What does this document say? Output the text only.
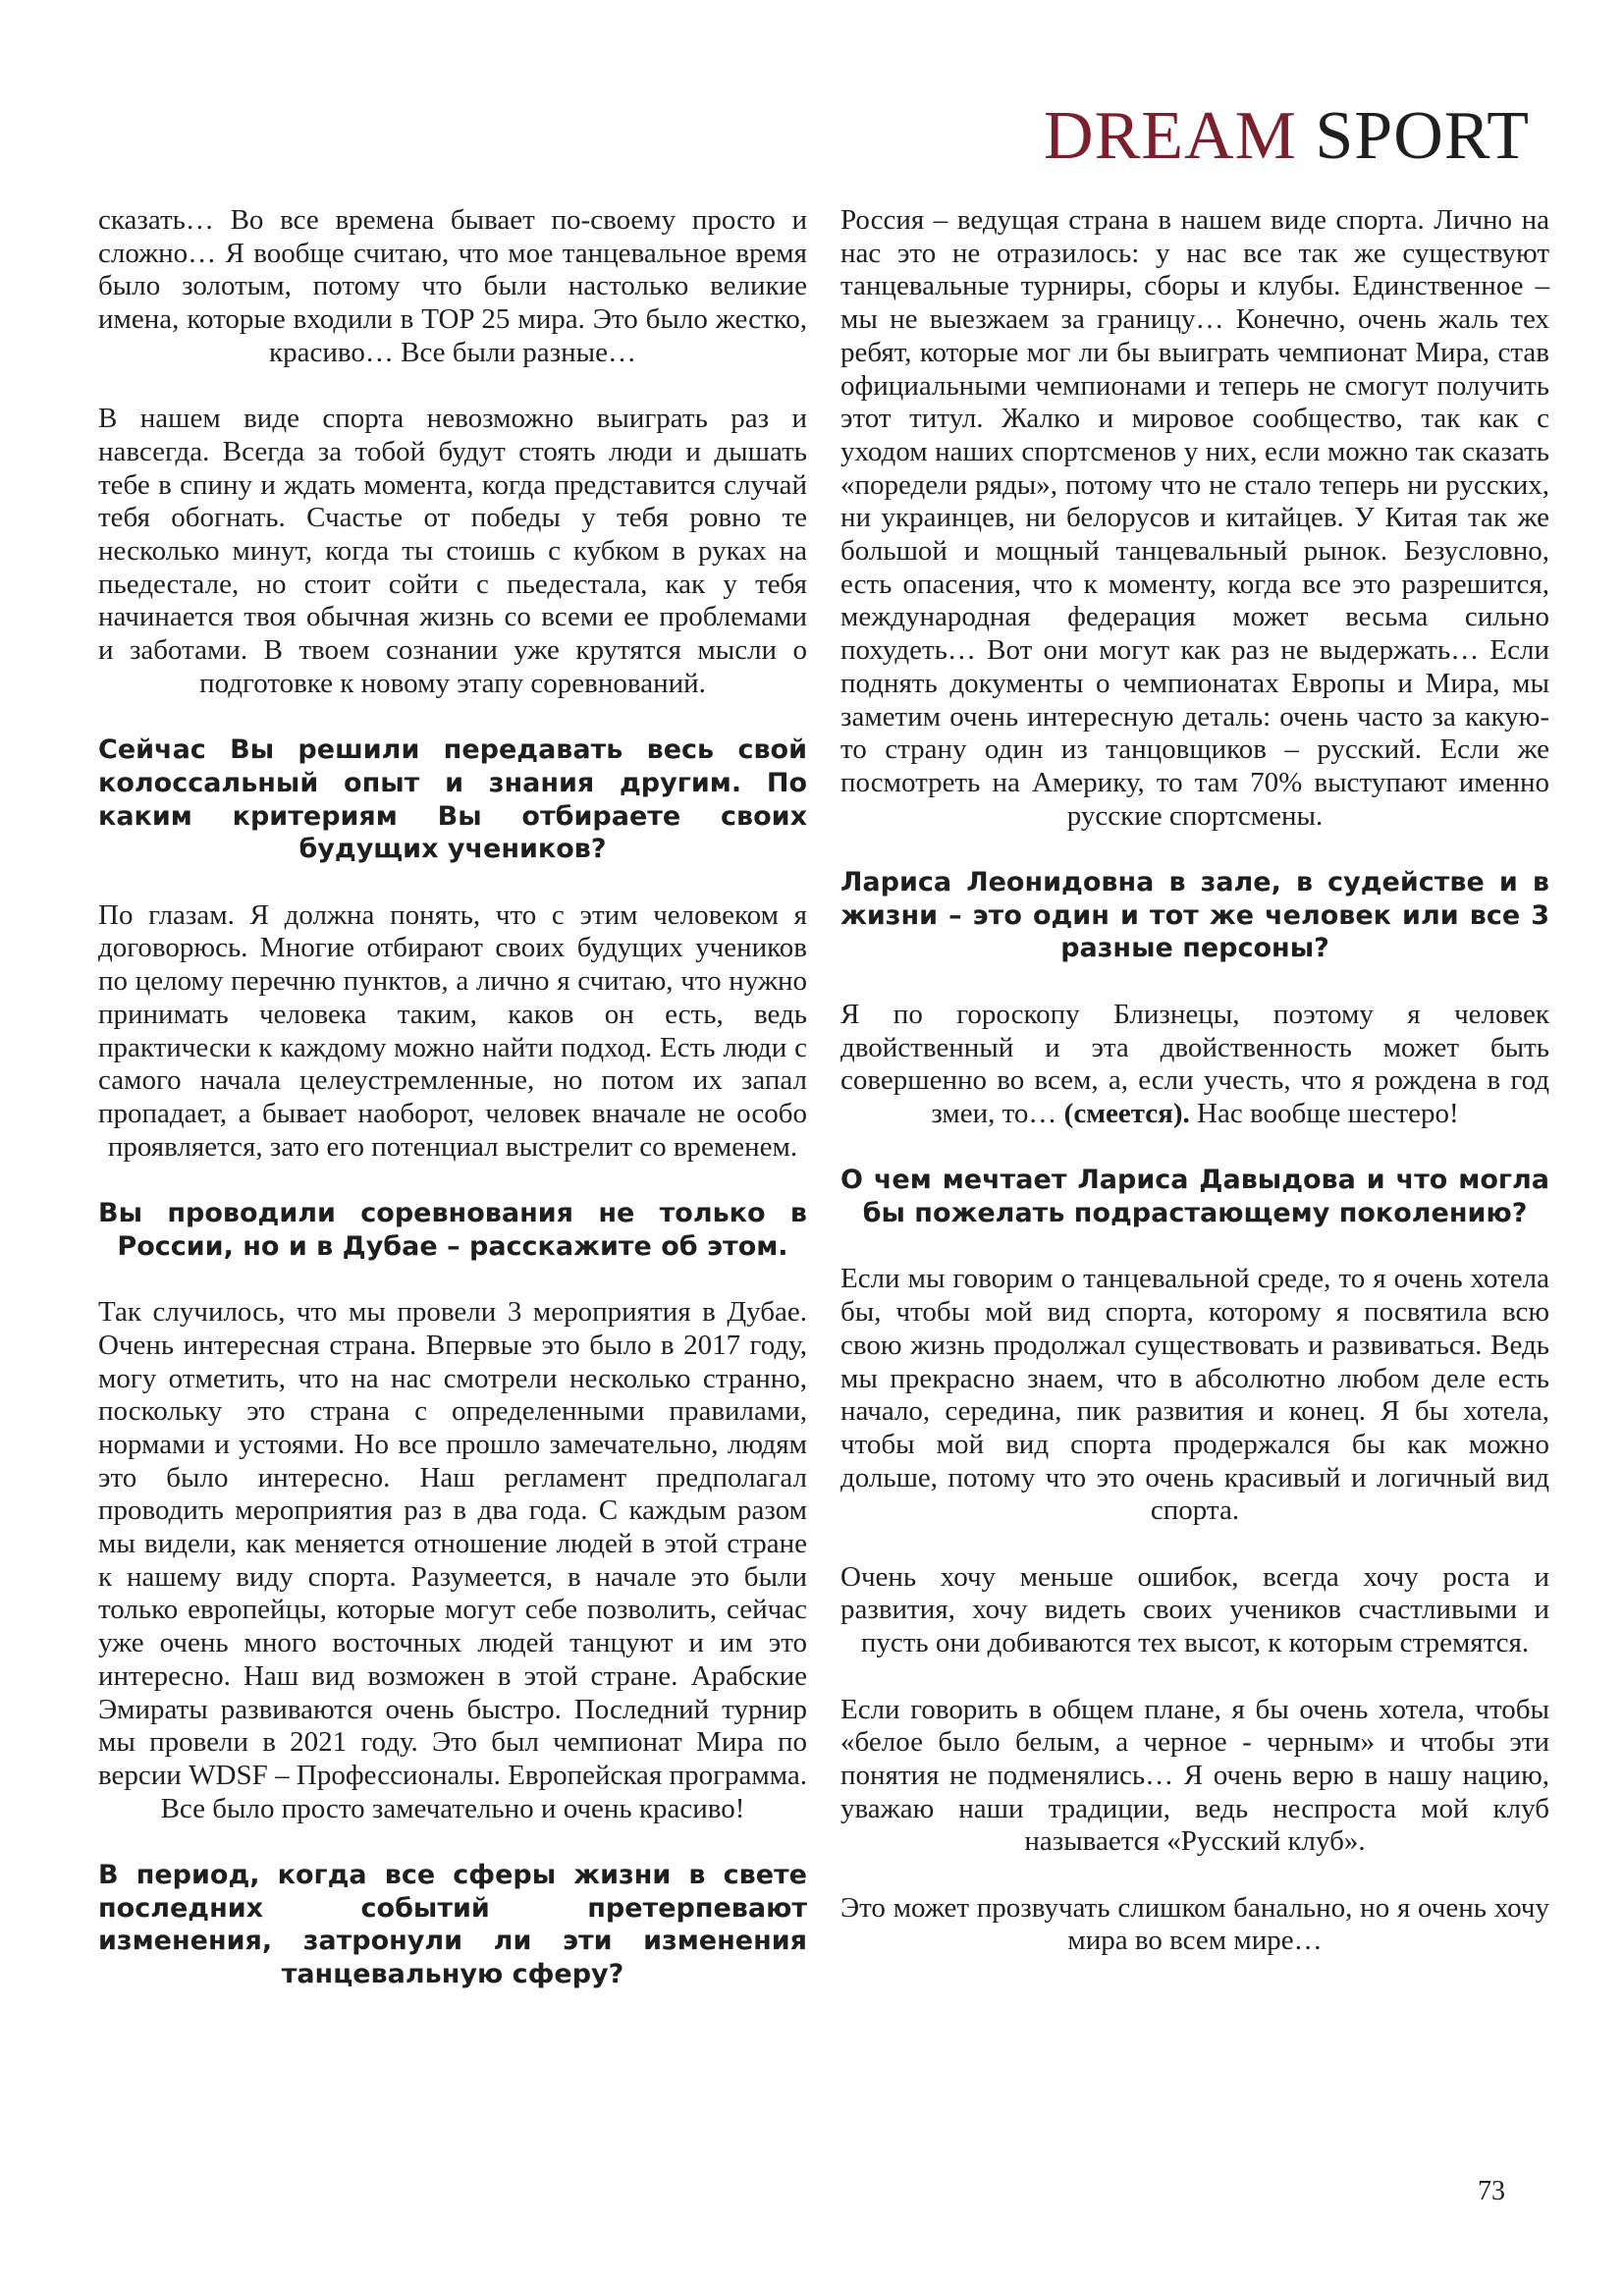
DREAM SPORT

сказать… Во все времена бывает по-своему просто и сложно… Я вообще считаю, что мое танцевальное время было золотым, потому что были настолько великие имена, которые входили в TOP 25 мира. Это было жестко, красиво… Все были разные…

В нашем виде спорта невозможно выиграть раз и навсегда. Всегда за тобой будут стоять люди и дышать тебе в спину и ждать момента, когда представится случай тебя обогнать. Счастье от победы у тебя ровно те несколько минут, когда ты стоишь с кубком в руках на пьедестале, но стоит сойти с пьедестала, как у тебя начинается твоя обычная жизнь со всеми ее проблемами и заботами. В твоем сознании уже крутятся мысли о подготовке к новому этапу соревнований.

Сейчас Вы решили передавать весь свой колоссальный опыт и знания другим. По каким критериям Вы отбираете своих будущих учеников?

По глазам. Я должна понять, что с этим человеком я договорюсь. Многие отбирают своих будущих учеников по целому перечню пунктов, а лично я считаю, что нужно принимать человека таким, каков он есть, ведь практически к каждому можно найти подход. Есть люди с самого начала целеустремленные, но потом их запал пропадает, а бывает наоборот, человек вначале не особо проявляется, зато его потенциал выстрелит со временем.

Вы проводили соревнования не только в России, но и в Дубае – расскажите об этом.

Так случилось, что мы провели 3 мероприятия в Дубае. Очень интересная страна. Впервые это было в 2017 году, могу отметить, что на нас смотрели несколько странно, поскольку это страна с определенными правилами, нормами и устоями. Но все прошло замечательно, людям это было интересно. Наш регламент предполагал проводить мероприятия раз в два года. С каждым разом мы видели, как меняется отношение людей в этой стране к нашему виду спорта. Разумеется, в начале это были только европейцы, которые могут себе позволить, сейчас уже очень много восточных людей танцуют и им это интересно. Наш вид возможен в этой стране. Арабские Эмираты развиваются очень быстро. Последний турнир мы провели в 2021 году. Это был чемпионат Мира по версии WDSF – Профессионалы. Европейская программа. Все было просто замечательно и очень красиво!

В период, когда все сферы жизни в свете последних событий претерпевают изменения, затронули ли эти изменения танцевальную сферу?

Россия – ведущая страна в нашем виде спорта. Лично на нас это не отразилось: у нас все так же существуют танцевальные турниры, сборы и клубы. Единственное – мы не выезжаем за границу… Конечно, очень жаль тех ребят, которые мог ли бы выиграть чемпионат Мира, став официальными чемпионами и теперь не смогут получить этот титул. Жалко и мировое сообщество, так как с уходом наших спортсменов у них, если можно так сказать «поредели ряды», потому что не стало теперь ни русских, ни украинцев, ни белорусов и китайцев. У Китая так же большой и мощный танцевальный рынок. Безусловно, есть опасения, что к моменту, когда все это разрешится, международная федерация может весьма сильно похудеть… Вот они могут как раз не выдержать… Если поднять документы о чемпионатах Европы и Мира, мы заметим очень интересную деталь: очень часто за какую-то страну один из танцовщиков – русский. Если же посмотреть на Америку, то там 70% выступают именно русские спортсмены.

Лариса Леонидовна в зале, в судействе и в жизни – это один и тот же человек или все 3 разные персоны?

Я по гороскопу Близнецы, поэтому я человек двойственный и эта двойственность может быть совершенно во всем, а, если учесть, что я рождена в год змеи, то… (смеется). Нас вообще шестеро!

О чем мечтает Лариса Давыдова и что могла бы пожелать подрастающему поколению?

Если мы говорим о танцевальной среде, то я очень хотела бы, чтобы мой вид спорта, которому я посвятила всю свою жизнь продолжал существовать и развиваться. Ведь мы прекрасно знаем, что в абсолютно любом деле есть начало, середина, пик развития и конец. Я бы хотела, чтобы мой вид спорта продержался бы как можно дольше, потому что это очень красивый и логичный вид спорта.

Очень хочу меньше ошибок, всегда хочу роста и развития, хочу видеть своих учеников счастливыми и пусть они добиваются тех высот, к которым стремятся.

Если говорить в общем плане, я бы очень хотела, чтобы «белое было белым, а черное - черным» и чтобы эти понятия не подменялись… Я очень верю в нашу нацию, уважаю наши традиции, ведь неспроста мой клуб называется «Русский клуб».

Это может прозвучать слишком банально, но я очень хочу мира во всем мире…

73
